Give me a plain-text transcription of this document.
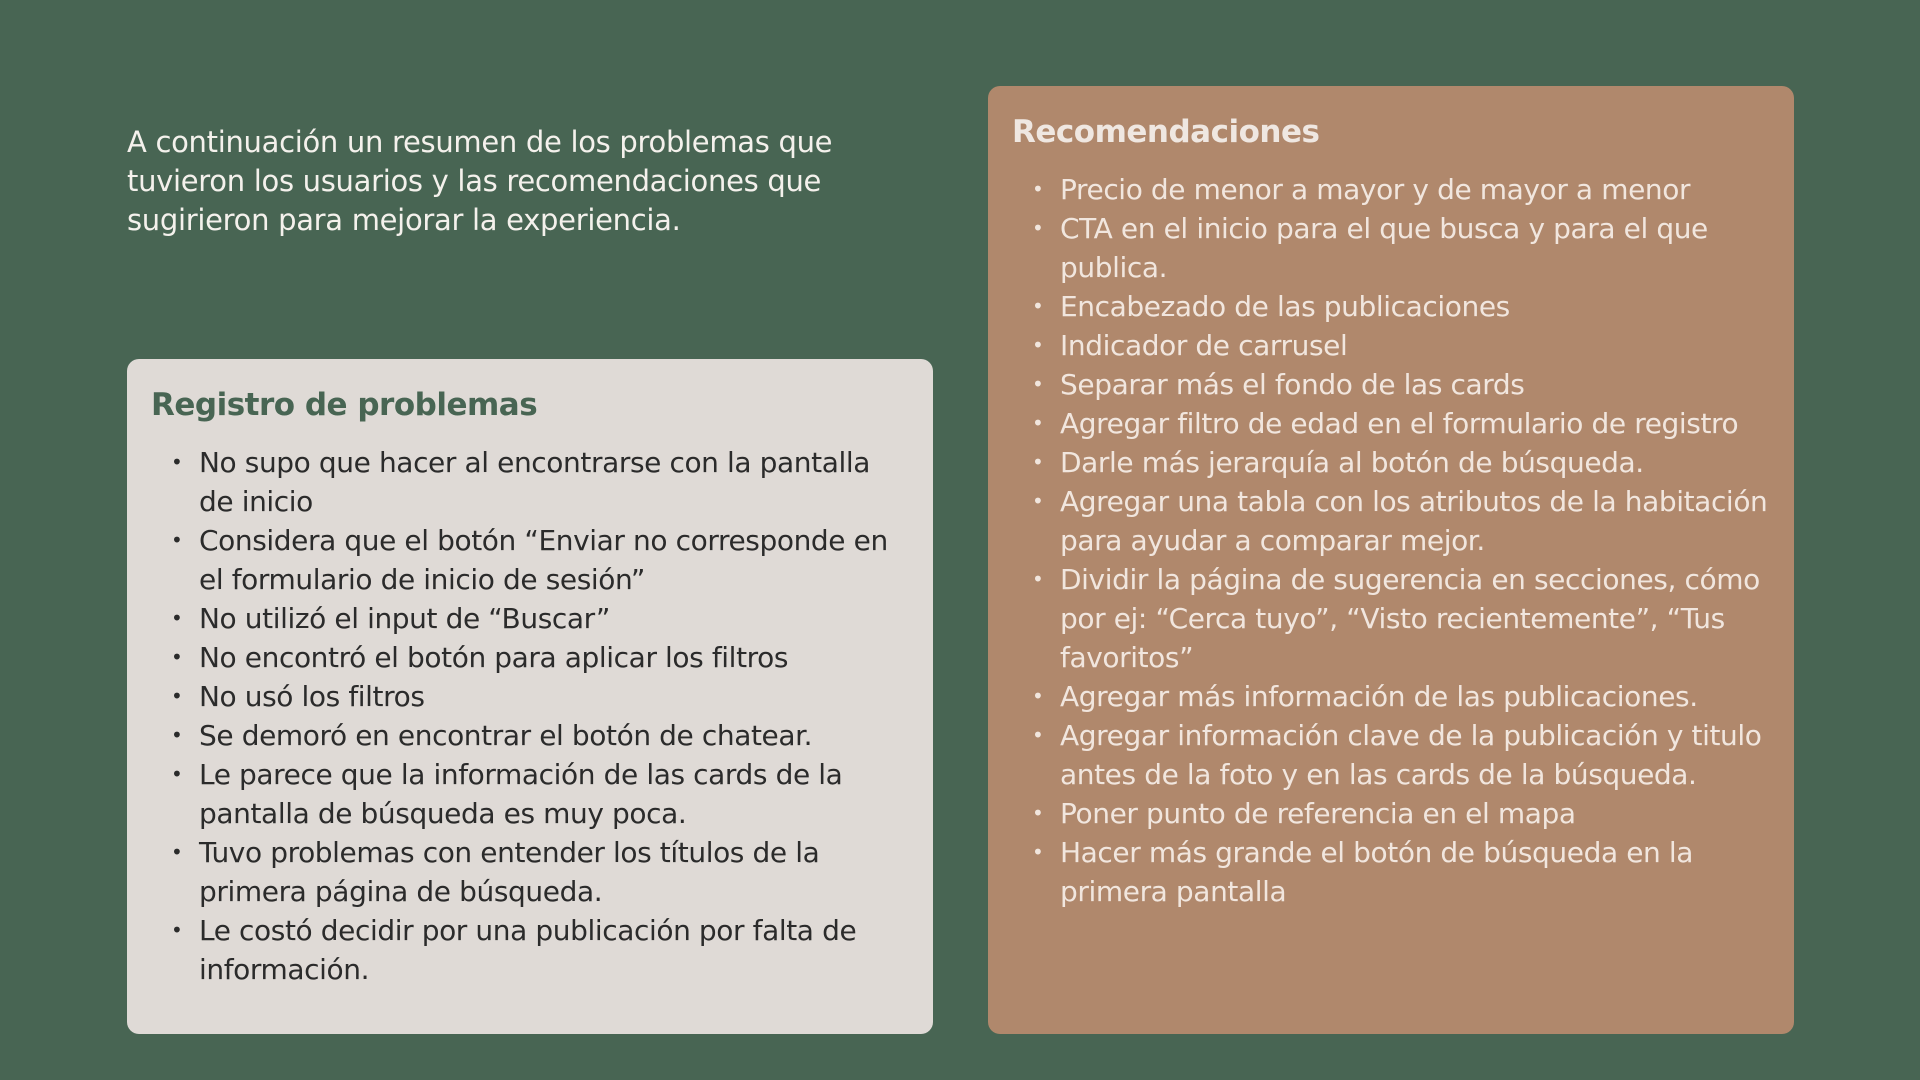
A continuación un resumen de los problemas que tuvieron los usuarios y las recomendaciones que sugirieron para mejorar la experiencia.

Registro de problemas
• No supo que hacer al encontrarse con la pantalla de inicio
• Considera que el botón “Enviar no corresponde en el formulario de inicio de sesión”
• No utilizó el input de “Buscar”
• No encontró el botón para aplicar los filtros
• No usó los filtros
• Se demoró en encontrar el botón de chatear.
• Le parece que la información de las cards de la pantalla de búsqueda es muy poca.
• Tuvo problemas con entender los títulos de la primera página de búsqueda.
• Le costó decidir por una publicación por falta de información.
Recomendaciones
• Precio de menor a mayor y de mayor a menor
• CTA en el inicio para el que busca y para el que publica.
• Encabezado de las publicaciones
• Indicador de carrusel
• Separar más el fondo de las cards
• Agregar filtro de edad en el formulario de registro
• Darle más jerarquía al botón de búsqueda.
• Agregar una tabla con los atributos de la habitación para ayudar a comparar mejor.
• Dividir la página de sugerencia en secciones, cómo por ej: “Cerca tuyo”, “Visto recientemente”, “Tus favoritos”
• Agregar más información de las publicaciones.
• Agregar información clave de la publicación y titulo antes de la foto y en las cards de la búsqueda.
• Poner punto de referencia en el mapa
• Hacer más grande el botón de búsqueda en la primera pantalla
